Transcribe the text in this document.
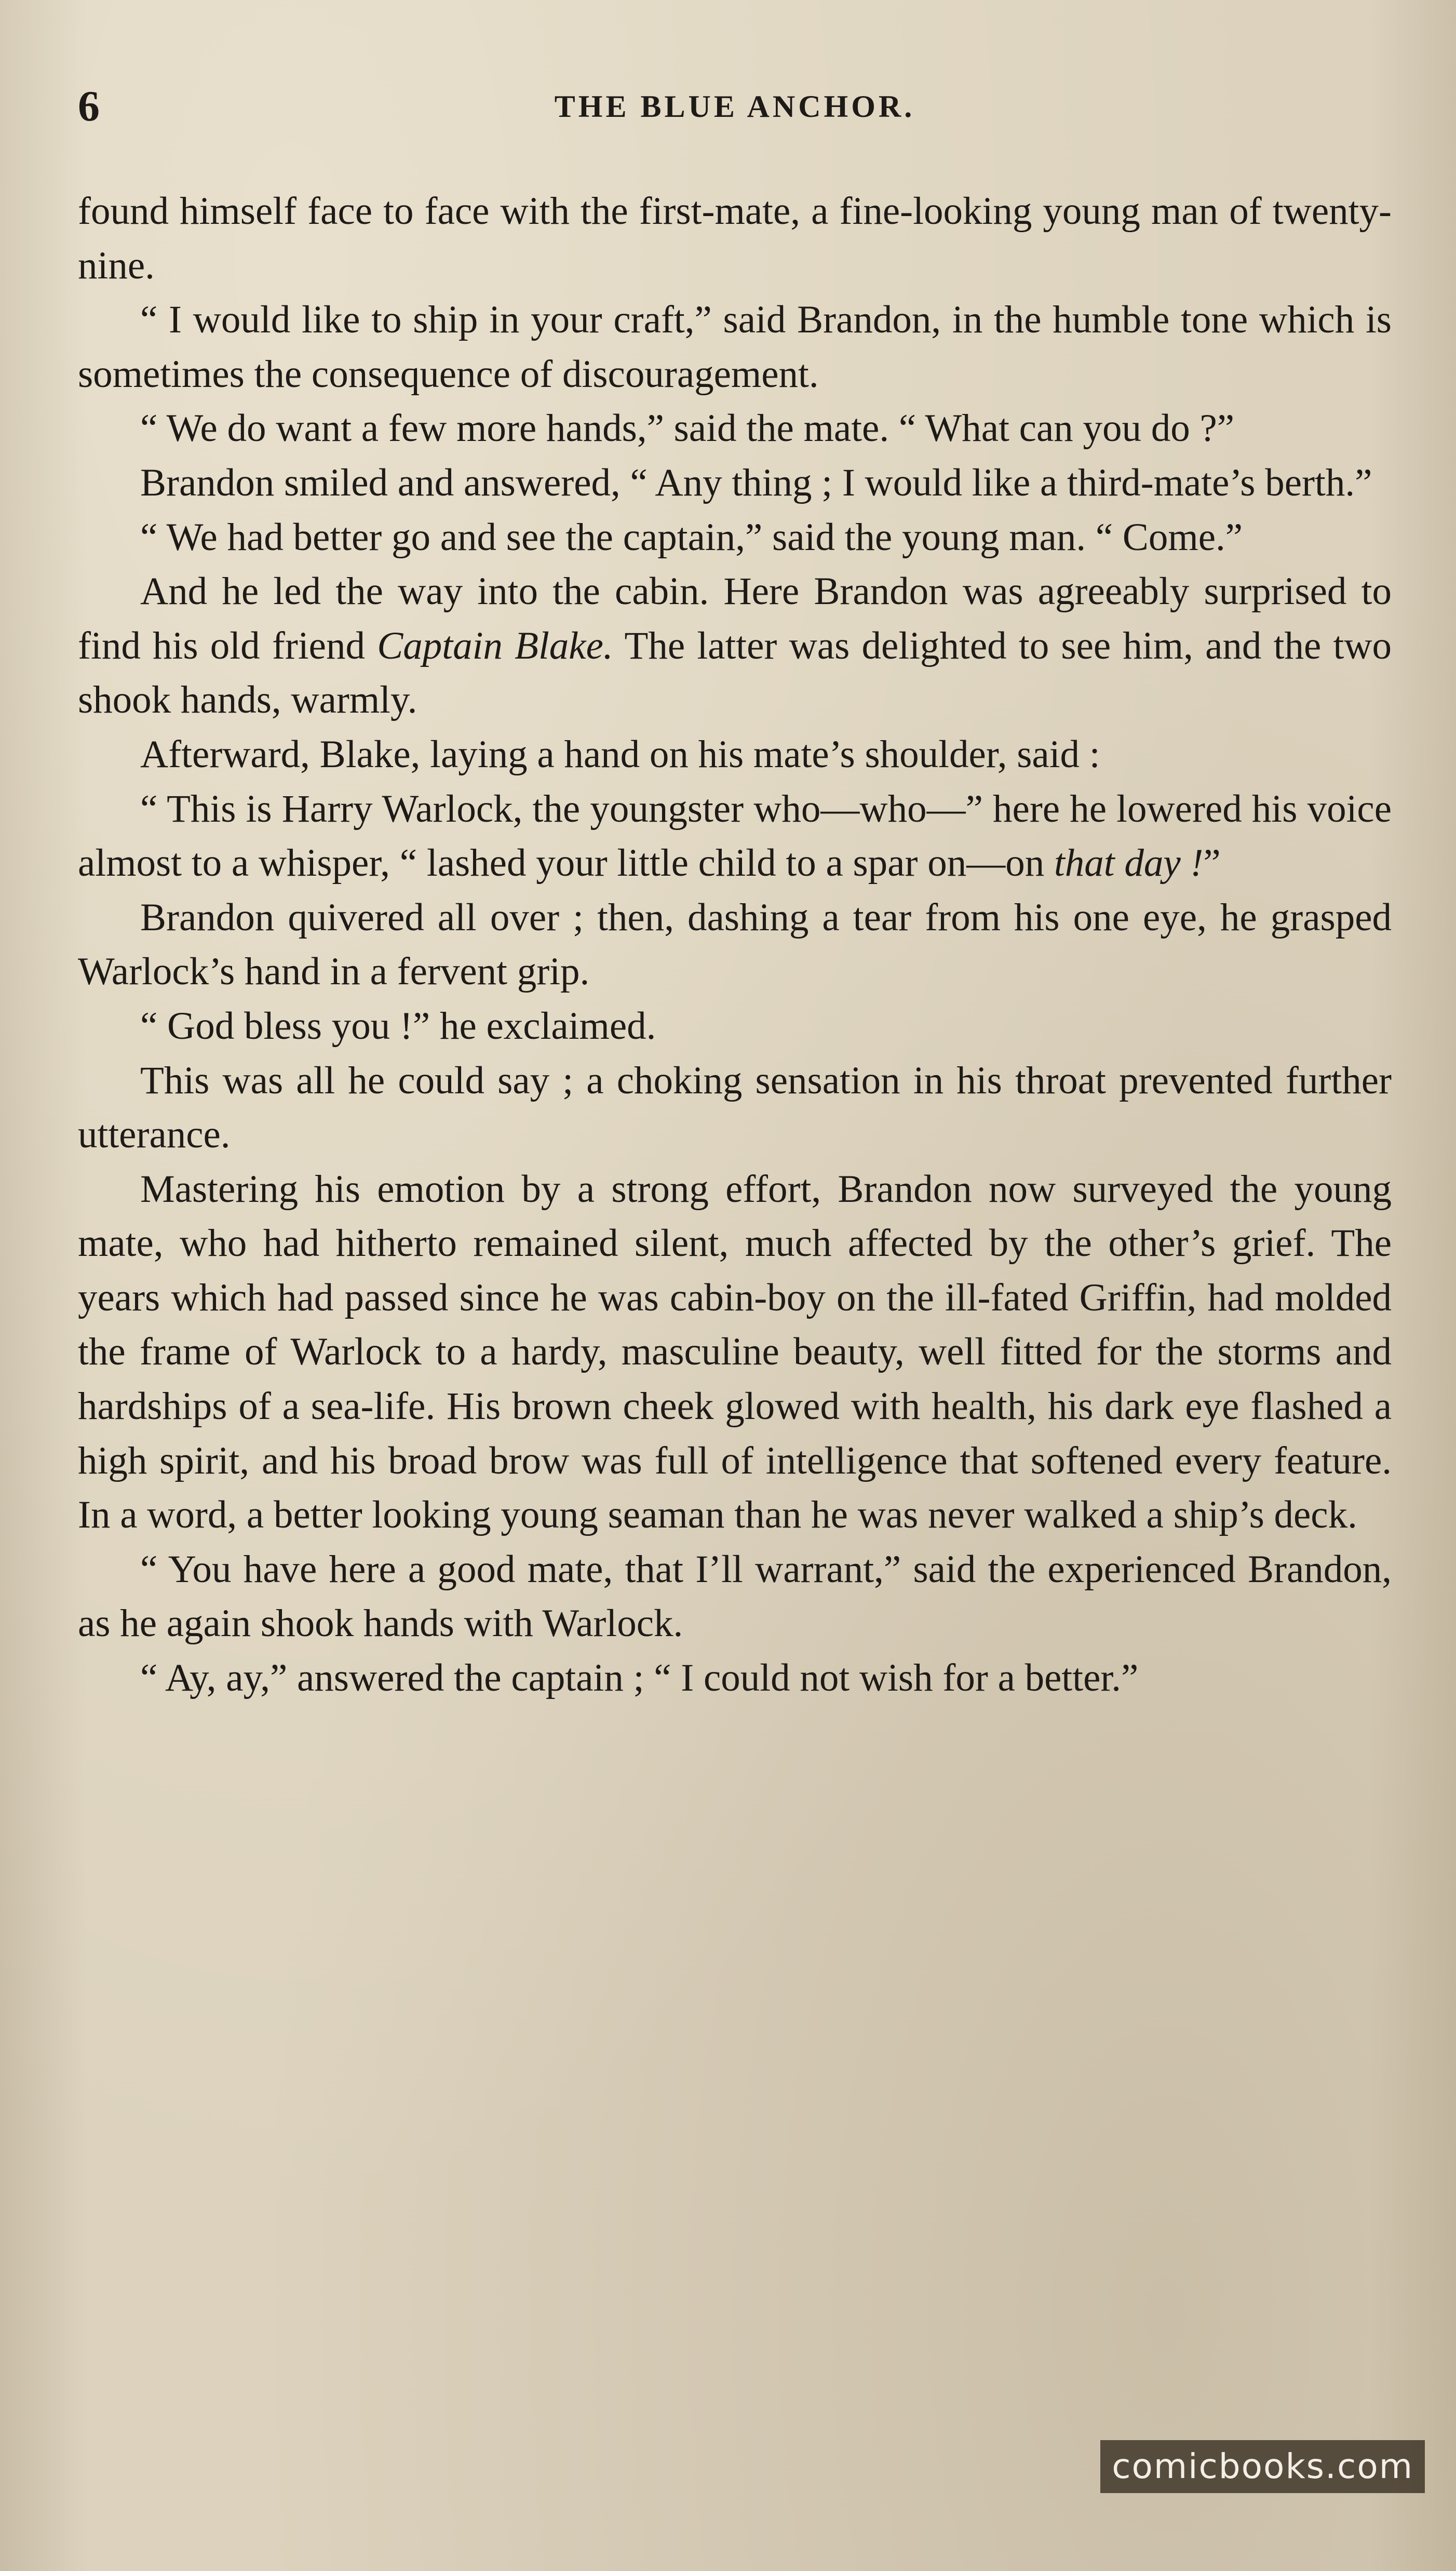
6	THE BLUE ANCHOR.

found himself face to face with the first-mate, a fine-looking young man of twenty-nine.

“ I would like to ship in your craft,” said Brandon, in the humble tone which is sometimes the consequence of discouragement.

“ We do want a few more hands,” said the mate. “ What can you do ?”

Brandon smiled and answered, “ Any thing ; I would like a third-mate’s berth.”

“ We had better go and see the captain,” said the young man. “ Come.”

And he led the way into the cabin. Here Brandon was agreeably surprised to find his old friend Captain Blake. The latter was delighted to see him, and the two shook hands, warmly.

Afterward, Blake, laying a hand on his mate’s shoulder, said :

“ This is Harry Warlock, the youngster who—who—” here he lowered his voice almost to a whisper, “ lashed your little child to a spar on—on that day !”

Brandon quivered all over ; then, dashing a tear from his one eye, he grasped Warlock’s hand in a fervent grip.

“ God bless you !” he exclaimed.

This was all he could say ; a choking sensation in his throat prevented further utterance.

Mastering his emotion by a strong effort, Brandon now surveyed the young mate, who had hitherto remained silent, much affected by the other’s grief. The years which had passed since he was cabin-boy on the ill-fated Griffin, had molded the frame of Warlock to a hardy, masculine beauty, well fitted for the storms and hardships of a sea-life. His brown cheek glowed with health, his dark eye flashed a high spirit, and his broad brow was full of intelligence that softened every feature. In a word, a better looking young seaman than he was never walked a ship’s deck.

“ You have here a good mate, that I’ll warrant,” said the experienced Brandon, as he again shook hands with Warlock.

“ Ay, ay,” answered the captain ; “ I could not wish for a better.”

comicbooks.com
